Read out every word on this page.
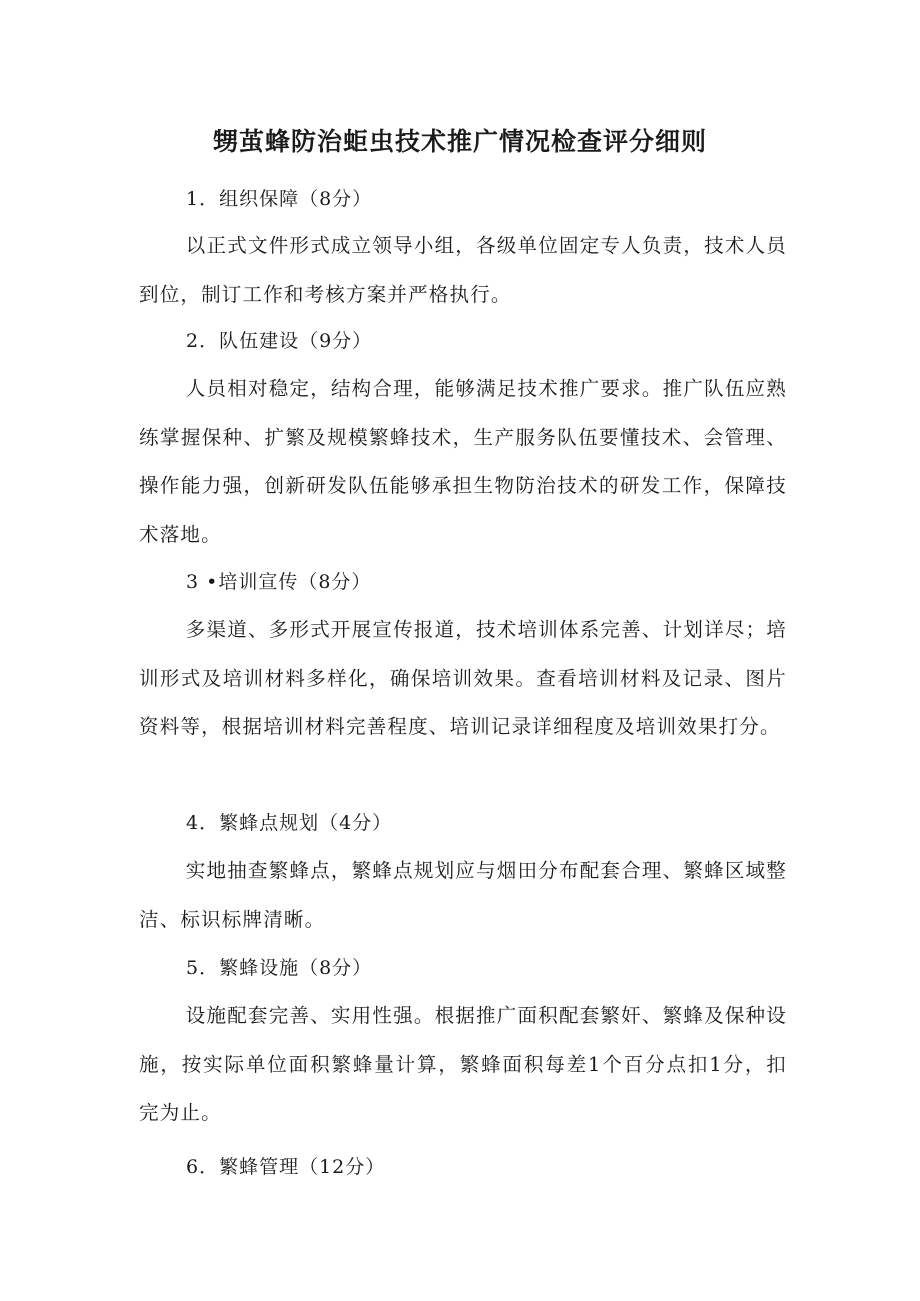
甥茧蜂防治蚷虫技术推广情况检查评分细则
1．组织保障（8分）
以正式文件形式成立领导小组，各级单位固定专人负责，技术人员到位，制订工作和考核方案并严格执行。
2．队伍建设（9分）
人员相对稳定，结构合理，能够满足技术推广要求。推广队伍应熟练掌握保种、扩繁及规模繁蜂技术，生产服务队伍要懂技术、会管理、操作能力强，创新研发队伍能够承担生物防治技术的研发工作，保障技术落地。
3 •培训宣传（8分）
多渠道、多形式开展宣传报道，技术培训体系完善、计划详尽；培训形式及培训材料多样化，确保培训效果。查看培训材料及记录、图片资料等，根据培训材料完善程度、培训记录详细程度及培训效果打分。
4．繁蜂点规划（4分）
实地抽查繁蜂点，繁蜂点规划应与烟田分布配套合理、繁蜂区域整洁、标识标牌清晰。
5．繁蜂设施（8分）
设施配套完善、实用性强。根据推广面积配套繁奸、繁蜂及保种设施，按实际单位面积繁蜂量计算，繁蜂面积每差1个百分点扣1分，扣完为止。
6．繁蜂管理（12分）
